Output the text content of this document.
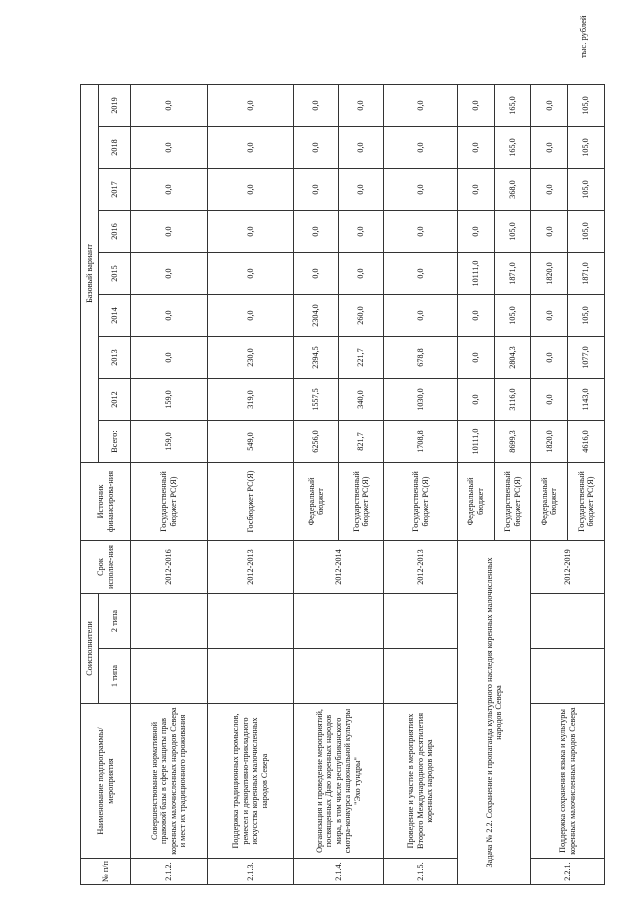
тыс. рублей
№ п/п	Наименование подпрограммы/мероприятия	Соисполнители		Срок исполне-ния	Источник финансирова-ния	Базовый вариант								
		1 типа	2 типа			Всего:	2012	2013	2014	2015	2016	2017	2018	2019
2.1.2.	Совершенствование нормативной правовой базы в сфере защиты прав коренных малочисленных народов Севера и мест их традиционного проживания			2012-2016	Государственный бюджет РС(Я)	159,0	159,0	0,0	0,0	0,0	0,0	0,0	0,0	0,0
2.1.3.	Поддержка традиционных промыслов, ремесел и декоративно-прикладного искусства коренных малочисленных народов Севера			2012-2013	Госбюджет РС(Я)	549,0	319,0	230,0	0,0	0,0	0,0	0,0	0,0	0,0
2.1.4.	Организация и проведение мероприятий, посвященных Дню коренных народов мира, в том числе республиканского смотра-конкурса национальной культуры "Эхо тундры"			2012-2014	Федеральный бюджет	6256,0	1557,5	2394,5	2304,0	0,0	0,0	0,0	0,0	0,0
					Государственный бюджет РС(Я)	821,7	340,0	221,7	260,0	0,0	0,0	0,0	0,0	0,0
2.1.5.	Проведение и участие в мероприятиях Второго Международного десятилетия коренных народов мира			2012-2013	Государственный бюджет РС(Я)	1708,8	1030,0	678,8	0,0	0,0	0,0	0,0	0,0	0,0
Задача № 2.2. Сохранение и пропаганда культурного наследия коренных малочисленных народов Севера					Федеральный бюджет	10111,0	0,0	0,0	0,0	10111,0	0,0	0,0	0,0	0,0
					Государственный бюджет РС(Я)	8699,3	3116,0	2804,3	105,0	1871,0	105,0	368,0	165,0	165,0
2.2.1.	Поддержка сохранения языка и культуры коренных малочисленных народов Севера			2012-2019	Федеральный бюджет	1820,0	0,0	0,0	0,0	1820,0	0,0	0,0	0,0	0,0
					Государственный бюджет РС(Я)	4616,0	1143,0	1077,0	105,0	1871,0	105,0	105,0	105,0	105,0
